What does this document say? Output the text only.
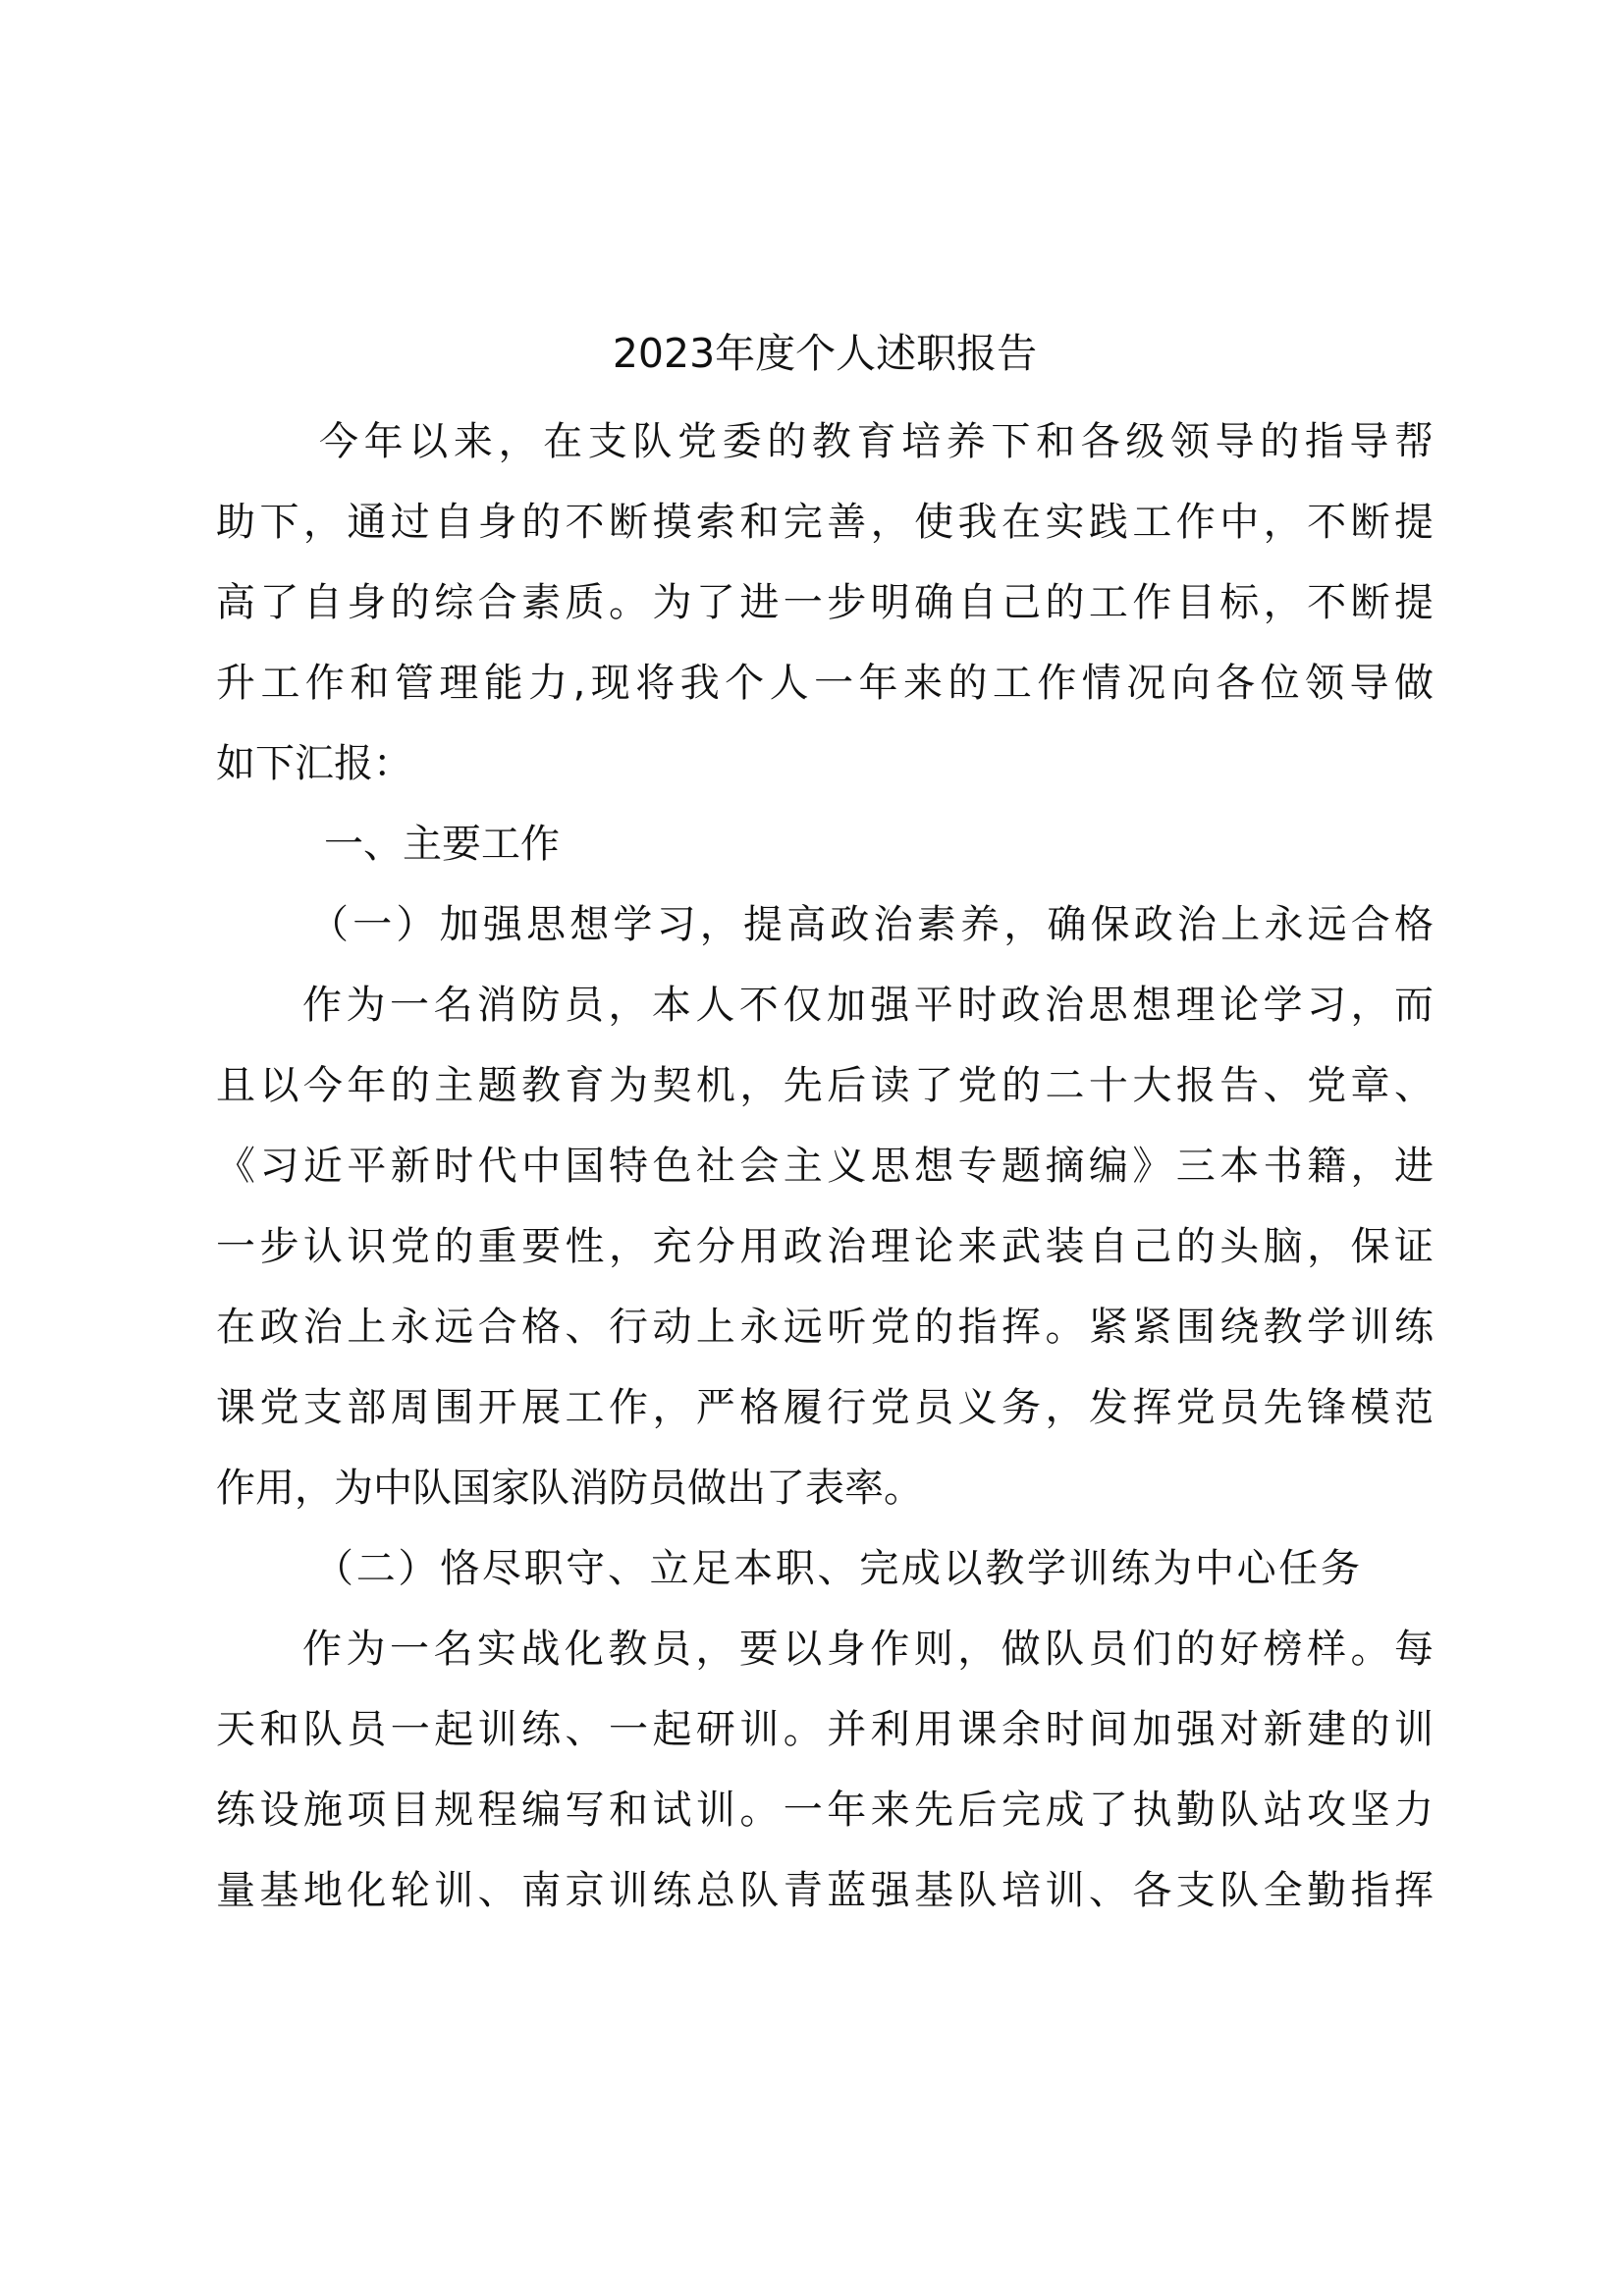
2023年度个人述职报告
今年以来，在支队党委的教育培养下和各级领导的指导帮
助下，通过自身的不断摸索和完善，使我在实践工作中，不断提
高了自身的综合素质。为了进一步明确自己的工作目标，不断提
升工作和管理能力,现将我个人一年来的工作情况向各位领导做
如下汇报：
一、主要工作
（一）加强思想学习，提高政治素养，确保政治上永远合格
作为一名消防员，本人不仅加强平时政治思想理论学习，而
且以今年的主题教育为契机，先后读了党的二十大报告、党章、
《习近平新时代中国特色社会主义思想专题摘编》三本书籍，进
一步认识党的重要性，充分用政治理论来武装自己的头脑，保证
在政治上永远合格、行动上永远听党的指挥。紧紧围绕教学训练
课党支部周围开展工作，严格履行党员义务，发挥党员先锋模范
作用，为中队国家队消防员做出了表率。
（二）恪尽职守、立足本职、完成以教学训练为中心任务
作为一名实战化教员，要以身作则，做队员们的好榜样。每
天和队员一起训练、一起研训。并利用课余时间加强对新建的训
练设施项目规程编写和试训。一年来先后完成了执勤队站攻坚力
量基地化轮训、南京训练总队青蓝强基队培训、各支队全勤指挥
